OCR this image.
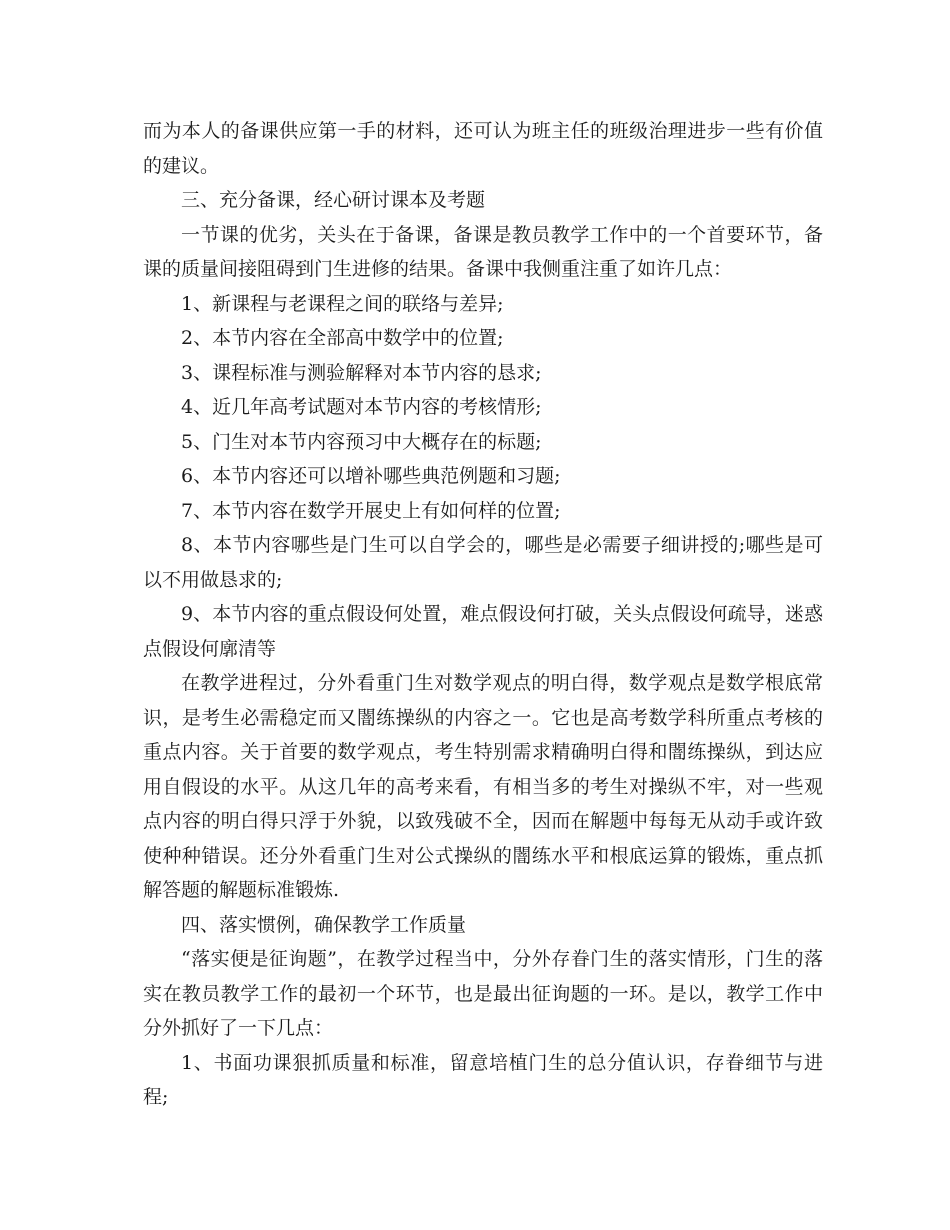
而为本人的备课供应第一手的材料，还可认为班主任的班级治理进步一些有价值的建议。

三、充分备课，经心研讨课本及考题

一节课的优劣，关头在于备课，备课是教员教学工作中的一个首要环节，备课的质量间接阻碍到门生进修的结果。备课中我侧重注重了如许几点：

1、新课程与老课程之间的联络与差异;

2、本节内容在全部高中数学中的位置;

3、课程标准与测验解释对本节内容的恳求;

4、近几年高考试题对本节内容的考核情形;

5、门生对本节内容预习中大概存在的标题;

6、本节内容还可以增补哪些典范例题和习题;

7、本节内容在数学开展史上有如何样的位置;

8、本节内容哪些是门生可以自学会的，哪些是必需要子细讲授的;哪些是可以不用做恳求的;

9、本节内容的重点假设何处置，难点假设何打破，关头点假设何疏导，迷惑点假设何廓清等

在教学进程过，分外看重门生对数学观点的明白得，数学观点是数学根底常识，是考生必需稳定而又闇练操纵的内容之一。它也是高考数学科所重点考核的重点内容。关于首要的数学观点，考生特别需求精确明白得和闇练操纵，到达应用自假设的水平。从这几年的高考来看，有相当多的考生对操纵不牢，对一些观点内容的明白得只浮于外貌，以致残破不全，因而在解题中每每无从动手或许致使种种错误。还分外看重门生对公式操纵的闇练水平和根底运算的锻炼，重点抓解答题的解题标准锻炼.

四、落实惯例，确保教学工作质量

“落实便是征询题”，在教学过程当中，分外存眷门生的落实情形，门生的落实在教员教学工作的最初一个环节，也是最出征询题的一环。是以，教学工作中分外抓好了一下几点：

1、书面功课狠抓质量和标准，留意培植门生的总分值认识，存眷细节与进程;
